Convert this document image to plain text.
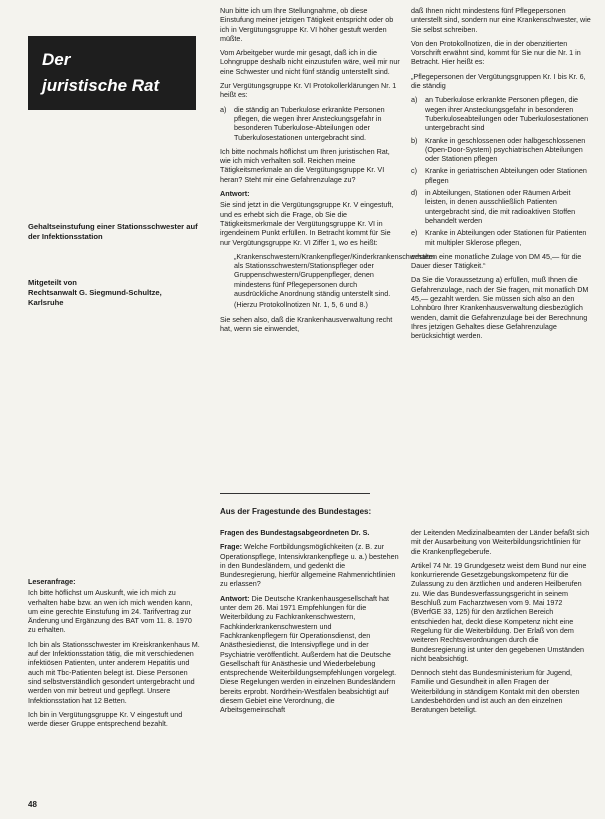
Der
juristische Rat

Gehaltseinstufung einer Stationsschwester auf der Infektionsstation

Mitgeteilt von

Rechtsanwalt G. Siegmund-Schultze,

Karlsruhe

Leseranfrage:

Ich bitte höflichst um Auskunft, wie ich mich zu verhalten habe bzw. an wen ich mich wenden kann, um eine gerechte Einstufung im 24. Tarifvertrag zur Änderung und Ergänzung des BAT vom 11. 8. 1970 zu erhalten.

Ich bin als Stationsschwester im Kreiskrankenhaus M. auf der Infektionsstation tätig, die mit verschiedenen infektiösen Patienten, unter anderem Hepatitis und auch mit Tbc-Patienten belegt ist. Diese Personen sind selbstverständlich gesondert untergebracht und werden von mir betreut und gepflegt. Unsere Infektionsstation hat 12 Betten.

Ich bin in Vergütungsgruppe Kr. V eingestuft und werde dieser Gruppe entsprechend bezahlt.

Nun bitte ich um Ihre Stellungnahme, ob diese Einstufung meiner jetzigen Tätigkeit entspricht oder ob ich in Vergütungsgruppe Kr. VI höher gestuft werden müßte.

Vom Arbeitgeber wurde mir gesagt, daß ich in die Lohngruppe deshalb nicht einzustufen wäre, weil mir nur eine Schwester und nicht fünf ständig unterstellt sind.

Zur Vergütungsgruppe Kr. VI Protokollerklärungen Nr. 1 heißt es:

a) die ständig an Tuberkulose erkrankte Personen pflegen, die wegen ihrer Ansteckungsgefahr in besonderen Tuberkulose-Abteilungen oder Tuberkulosestationen untergebracht sind.

Ich bitte nochmals höflichst um Ihren juristischen Rat, wie ich mich verhalten soll. Reichen meine Tätigkeitsmerkmale an die Vergütungsgruppe Kr. VI heran? Steht mir eine Gefahrenzulage zu?

Antwort:

Sie sind jetzt in die Vergütungsgruppe Kr. V eingestuft, und es erhebt sich die Frage, ob Sie die Tätigkeitsmerkmale der Vergütungsgruppe Kr. VI in irgendeinem Punkt erfüllen. In Betracht kommt für Sie nur Vergütungsgruppe Kr. VI Ziffer 1, wo es heißt:

„Krankenschwestern/Krankenpfleger/Kinderkrankenschwestern als Stationsschwestern/Stationspfleger oder Gruppenschwestern/Gruppenpfleger, denen mindestens fünf Pflegepersonen durch ausdrückliche Anordnung ständig unterstellt sind.

(Hierzu Protokollnotizen Nr. 1, 5, 6 und 8.)

Sie sehen also, daß die Krankenhausverwaltung recht hat, wenn sie einwendet,

daß Ihnen nicht mindestens fünf Pflegepersonen unterstellt sind, sondern nur eine Krankenschwester, wie Sie selbst schreiben.

Von den Protokollnotizen, die in der obenzitierten Vorschrift erwähnt sind, kommt für Sie nur die Nr. 1 in Betracht. Hier heißt es:

„Pflegepersonen der Vergütungsgruppen Kr. I bis Kr. 6, die ständig

a) an Tuberkulose erkrankte Personen pflegen, die wegen ihrer Ansteckungsgefahr in besonderen Tuberkuloseabteilungen oder Tuberkulosestationen untergebracht sind
b) Kranke in geschlossenen oder halbgeschlossenen (Open-Door-System) psychiatrischen Abteilungen oder Stationen pflegen
c) Kranke in geriatrischen Abteilungen oder Stationen pflegen
d) in Abteilungen, Stationen oder Räumen Arbeit leisten, in denen ausschließlich Patienten untergebracht sind, die mit radioaktiven Stoffen behandelt werden
e) Kranke in Abteilungen oder Stationen für Patienten mit multipler Sklerose pflegen,

erhalten eine monatliche Zulage von DM 45,— für die Dauer dieser Tätigkeit.“

Da Sie die Voraussetzung a) erfüllen, muß Ihnen die Gefahrenzulage, nach der Sie fragen, mit monatlich DM 45,— gezahlt werden. Sie müssen sich also an den Lohnbüro Ihrer Krankenhausverwaltung diesbezüglich wenden, damit die Gefahrenzulage bei der Berechnung Ihres jetzigen Gehaltes diese Gefahrenzulage berücksichtigt werden.

Aus der Fragestunde des Bundestages:

Fragen des Bundestagsabgeordneten Dr. S.

Frage: Welche Fortbildungsmöglichkeiten (z. B. zur Operationspflege, Intensivkrankenpflege u. a.) bestehen in den Bundesländern, und gedenkt die Bundesregierung, hierfür allgemeine Rahmenrichtlinien zu erlassen?

Antwort: Die Deutsche Krankenhausgesellschaft hat unter dem 26. Mai 1971 Empfehlungen für die Weiterbildung zu Fachkrankenschwestern, Fachkinderkrankenschwestern und Fachkrankenpflegern für Operationsdienst, den Anästhesiedienst, die Intensivpflege und in der Psychiatrie veröffentlicht. Außerdem hat die Deutsche Gesellschaft für Anästhesie und Wiederbelebung entsprechende Weiterbildungsempfehlungen vorgelegt. Diese Regelungen werden in einzelnen Bundesländern bereits erprobt. Nordrhein-Westfalen beabsichtigt auf diesem Gebiet eine Verordnung, die Arbeitsgemeinschaft

der Leitenden Medizinalbeamten der Länder befaßt sich mit der Ausarbeitung von Weiterbildungsrichtlinien für die Krankenpflegeberufe.

Artikel 74 Nr. 19 Grundgesetz weist dem Bund nur eine konkurrierende Gesetzgebungskompetenz für die Zulassung zu den ärztlichen und anderen Heilberufen zu. Wie das Bundesverfassungsgericht in seinem Beschluß zum Facharztwesen vom 9. Mai 1972 (BVerfGE 33, 125) für den ärztlichen Bereich entschieden hat, deckt diese Kompetenz nicht eine Regelung für die Weiterbildung. Der Erlaß von dem weiteren Rechtsverordnungen durch die Bundesregierung ist unter den gegebenen Umständen nicht beabsichtigt.

Dennoch steht das Bundesministerium für Jugend, Familie und Gesundheit in allen Fragen der Weiterbildung in ständigem Kontakt mit den obersten Landesbehörden und ist auch an den einzelnen Beratungen beteiligt.

48
